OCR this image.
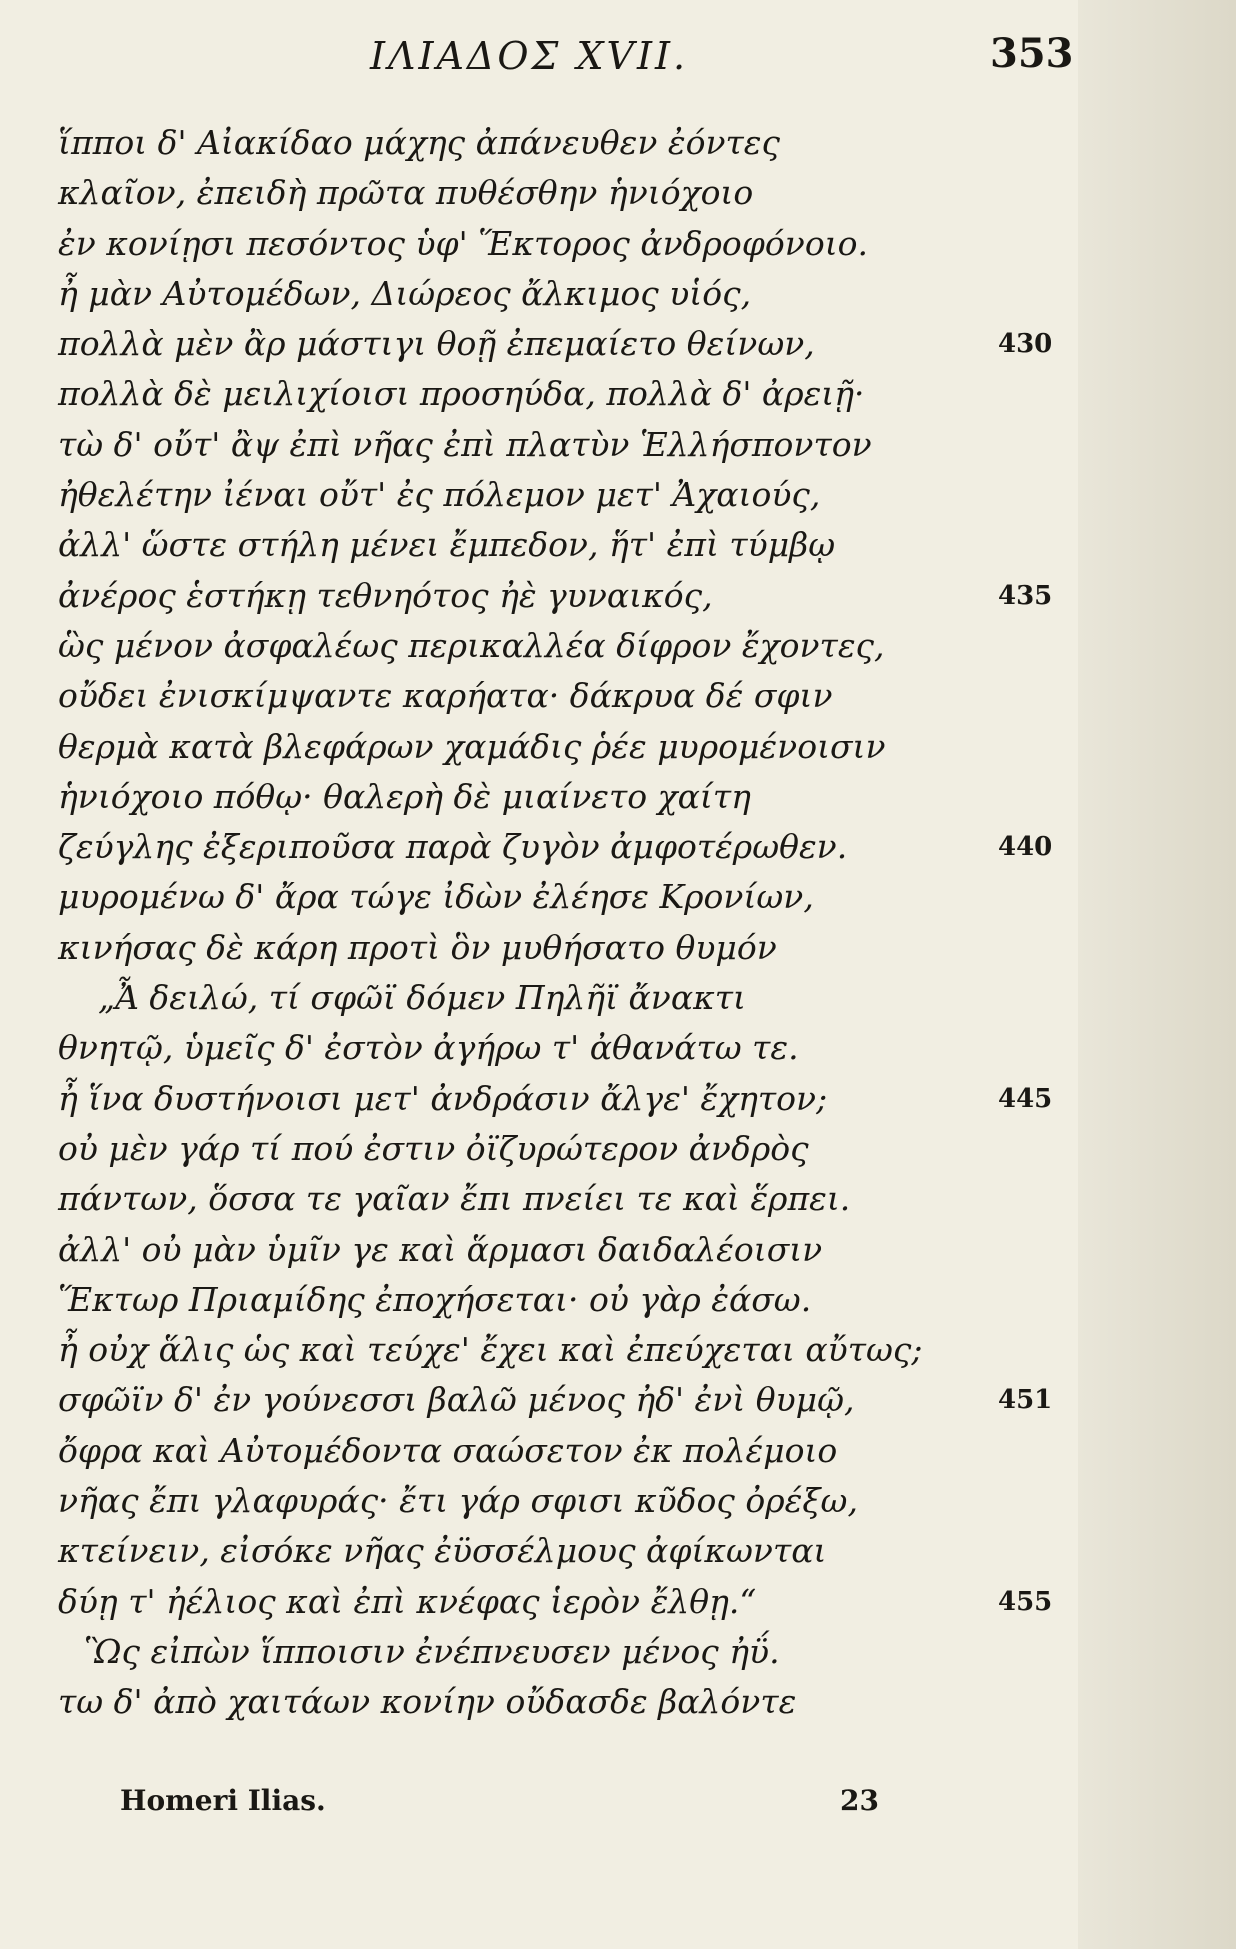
ΙΛΙΑΔΟΣ XVII.	353
ἵπποι δ' Αἰακίδαο μάχης ἀπάνευθεν ἐόντες
κλαῖον, ἐπειδὴ πρῶτα πυθέσθην ἡνιόχοιο
ἐν κονίῃσι πεσόντος ὑφ' Ἕκτορος ἀνδροφόνοιο.
ἦ μὰν Αὐτομέδων, Διώρεος ἄλκιμος υἱός,
πολλὰ μὲν ἂρ μάστιγι θοῇ ἐπεμαίετο θείνων,	430
πολλὰ δὲ μειλιχίοισι προσηύδα, πολλὰ δ' ἀρειῇ·
τὼ δ' οὔτ' ἂψ ἐπὶ νῆας ἐπὶ πλατὺν Ἑλλήσποντον
ἠθελέτην ἰέναι οὔτ' ἐς πόλεμον μετ' Ἀχαιούς,
ἀλλ' ὥστε στήλη μένει ἔμπεδον, ἥτ' ἐπὶ τύμβῳ
ἀνέρος ἑστήκῃ τεθνηότος ἠὲ γυναικός,	435
ὣς μένον ἀσφαλέως περικαλλέα δίφρον ἔχοντες,
οὔδει ἐνισκίμψαντε καρήατα· δάκρυα δέ σφιν
θερμὰ κατὰ βλεφάρων χαμάδις ῥέε μυρομένοισιν
ἡνιόχοιο πόθῳ· θαλερὴ δὲ μιαίνετο χαίτη
ζεύγλης ἐξεριποῦσα παρὰ ζυγὸν ἀμφοτέρωθεν.	440
μυρομένω δ' ἄρα τώγε ἰδὼν ἐλέησε Κρονίων,
κινήσας δὲ κάρη προτὶ ὃν μυθήσατο θυμόν
„Ἆ δειλώ, τί σφῶϊ δόμεν Πηλῆϊ ἄνακτι
θνητῷ, ὑμεῖς δ' ἐστὸν ἀγήρω τ' ἀθανάτω τε.
ἦ ἵνα δυστήνοισι μετ' ἀνδράσιν ἄλγε' ἔχητον;	445
οὐ μὲν γάρ τί πού ἐστιν ὀϊζυρώτερον ἀνδρὸς
πάντων, ὅσσα τε γαῖαν ἔπι πνείει τε καὶ ἕρπει.
ἀλλ' οὐ μὰν ὑμῖν γε καὶ ἅρμασι δαιδαλέοισιν
Ἕκτωρ Πριαμίδης ἐποχήσεται· οὐ γὰρ ἐάσω.
ἦ οὐχ ἅλις ὡς καὶ τεύχε' ἔχει καὶ ἐπεύχεται αὔτως;
σφῶϊν δ' ἐν γούνεσσι βαλῶ μένος ἠδ' ἐνὶ θυμῷ,	451
ὄφρα καὶ Αὐτομέδοντα σαώσετον ἐκ πολέμοιο
νῆας ἔπι γλαφυράς· ἔτι γάρ σφισι κῦδος ὀρέξω,
κτείνειν, εἰσόκε νῆας ἐϋσσέλμους ἀφίκωνται
δύῃ τ' ἠέλιος καὶ ἐπὶ κνέφας ἱερὸν ἔλθῃ.“	455
Ὣς εἰπὼν ἵπποισιν ἐνέπνευσεν μένος ἠΰ.
τω δ' ἀπὸ χαιτάων κονίην οὔδασδε βαλόντε
Homeri Ilias.	23
